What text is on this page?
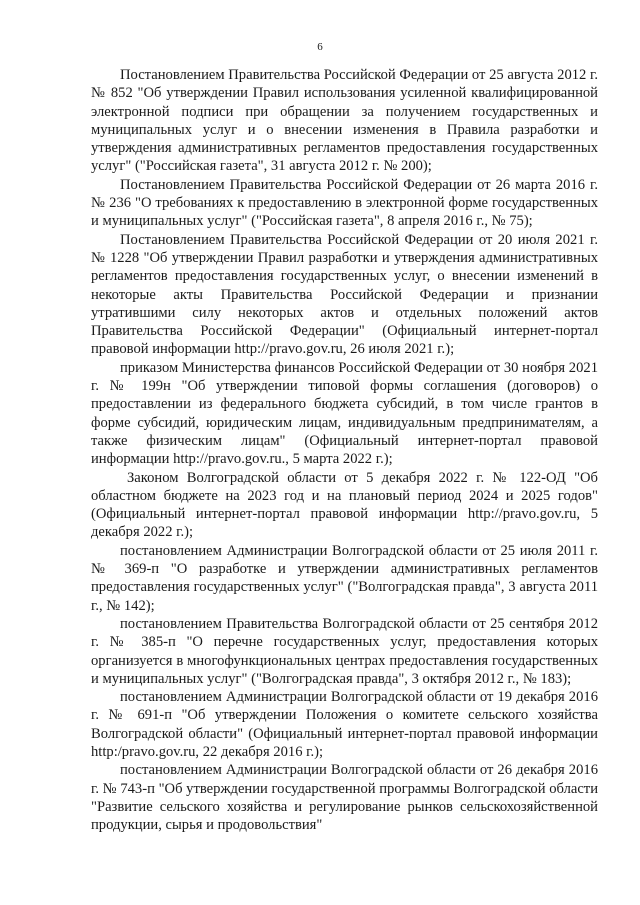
6

Постановлением Правительства Российской Федерации от 25 августа 2012 г. № 852 "Об утверждении Правил использования усиленной квалифицированной электронной подписи при обращении за получением государственных и муниципальных услуг и о внесении изменения в Правила разработки и утверждения административных регламентов предоставления государственных услуг" ("Российская газета", 31 августа 2012 г. № 200);

Постановлением Правительства Российской Федерации от 26 марта 2016 г. № 236 "О требованиях к предоставлению в электронной форме государственных и муниципальных услуг" ("Российская газета", 8 апреля 2016 г., № 75);

Постановлением Правительства Российской Федерации от 20 июля 2021 г. № 1228 "Об утверждении Правил разработки и утверждения административных регламентов предоставления государственных услуг, о внесении изменений в некоторые акты Правительства Российской Федерации и признании утратившими силу некоторых актов и отдельных положений актов Правительства Российской Федерации" (Официальный интернет-портал правовой информации http://pravo.gov.ru, 26 июля 2021 г.);

приказом Министерства финансов Российской Федерации от 30 ноября 2021 г. № 199н "Об утверждении типовой формы соглашения (договоров) о предоставлении из федерального бюджета субсидий, в том числе грантов в форме субсидий, юридическим лицам, индивидуальным предпринимателям, а также физическим лицам" (Официальный интернет-портал правовой информации http://pravo.gov.ru., 5 марта 2022 г.);

Законом Волгоградской области от 5 декабря 2022 г. № 122-ОД "Об областном бюджете на 2023 год и на плановый период 2024 и 2025 годов" (Официальный интернет-портал правовой информации http://pravo.gov.ru, 5 декабря 2022 г.);

постановлением Администрации Волгоградской области от 25 июля 2011 г. № 369-п "О разработке и утверждении административных регламентов предоставления государственных услуг" ("Волгоградская правда", 3 августа 2011 г., № 142);

постановлением Правительства Волгоградской области от 25 сентября 2012 г. № 385-п "О перечне государственных услуг, предоставления которых организуется в многофункциональных центрах предоставления государственных и муниципальных услуг" ("Волгоградская правда", 3 октября 2012 г., № 183);

постановлением Администрации Волгоградской области от 19 декабря 2016 г. № 691-п "Об утверждении Положения о комитете сельского хозяйства Волгоградской области" (Официальный интернет-портал правовой информации http:/pravo.gov.ru, 22 декабря 2016 г.);

постановлением Администрации Волгоградской области от 26 декабря 2016 г. № 743-п "Об утверждении государственной программы Волгоградской области "Развитие сельского хозяйства и регулирование рынков сельскохозяйственной продукции, сырья и продовольствия"
